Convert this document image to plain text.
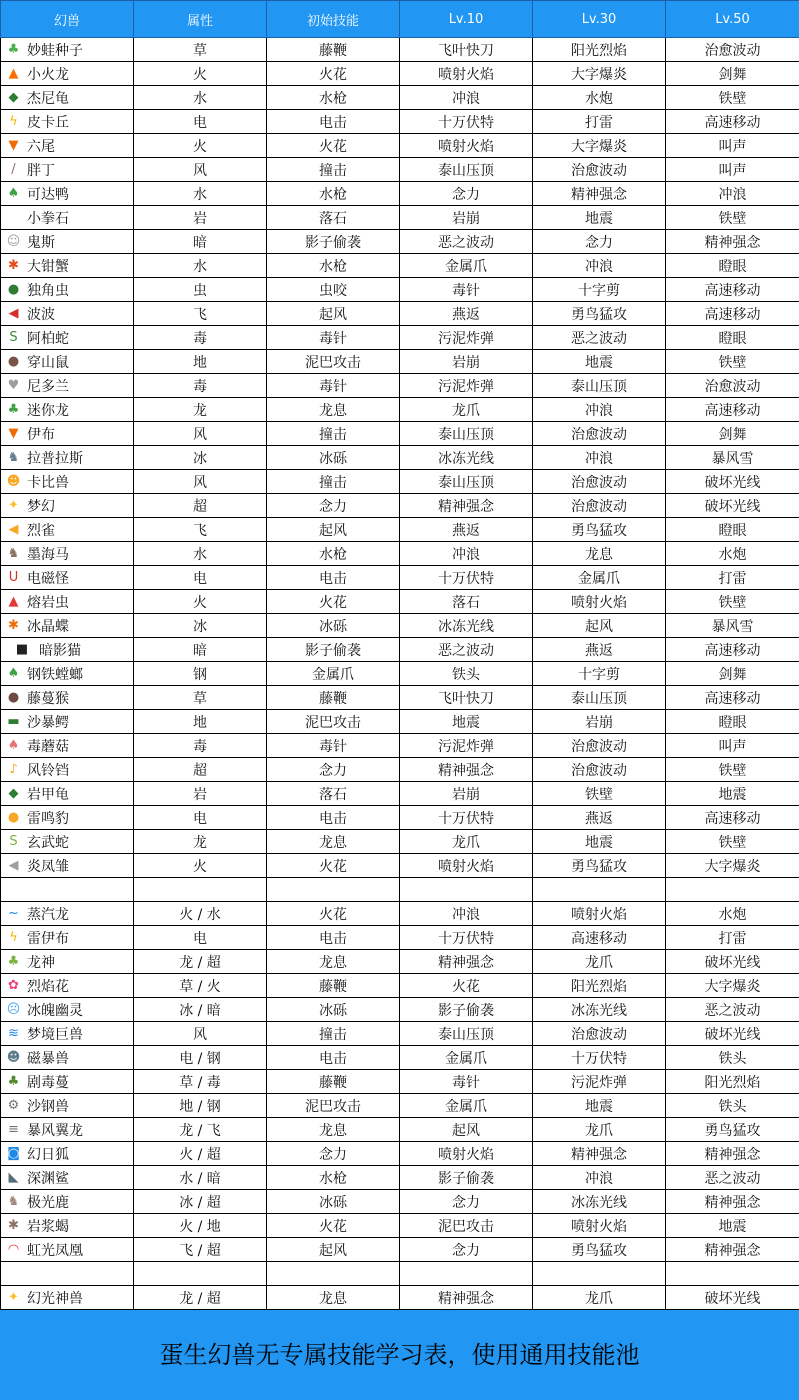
幻兽	属性	初始技能	Lv.10	Lv.30	Lv.50

♣ 妙蛙种子	草	藤鞭	飞叶快刀	阳光烈焰	治愈波动

▲ 小火龙	火	火花	喷射火焰	大字爆炎	剑舞

◆ 杰尼龟	水	水枪	冲浪	水炮	铁壁

ϟ 皮卡丘	电	电击	十万伏特	打雷	高速移动

▼ 六尾	火	火花	喷射火焰	大字爆炎	叫声

/ 胖丁	风	撞击	泰山压顶	治愈波动	叫声

♠ 可达鸭	水	水枪	念力	精神强念	冲浪
小拳石	岩	落石	岩崩	地震	铁壁

☺ 鬼斯	暗	影子偷袭	恶之波动	念力	精神强念

✱ 大钳蟹	水	水枪	金属爪	冲浪	瞪眼

● 独角虫	虫	虫咬	毒针	十字剪	高速移动

◀ 波波	飞	起风	燕返	勇鸟猛攻	高速移动

S 阿柏蛇	毒	毒针	污泥炸弹	恶之波动	瞪眼

● 穿山鼠	地	泥巴攻击	岩崩	地震	铁壁

♥ 尼多兰	毒	毒针	污泥炸弹	泰山压顶	治愈波动

♣ 迷你龙	龙	龙息	龙爪	冲浪	高速移动

▼ 伊布	风	撞击	泰山压顶	治愈波动	剑舞

♞ 拉普拉斯	冰	冰砾	冰冻光线	冲浪	暴风雪

☻ 卡比兽	风	撞击	泰山压顶	治愈波动	破坏光线

✦ 梦幻	超	念力	精神强念	治愈波动	破坏光线

◀ 烈雀	飞	起风	燕返	勇鸟猛攻	瞪眼

♞ 墨海马	水	水枪	冲浪	龙息	水炮

U 电磁怪	电	电击	十万伏特	金属爪	打雷

▲ 熔岩虫	火	火花	落石	喷射火焰	铁壁

✱ 冰晶蝶	冰	冰砾	冰冻光线	起风	暴风雪

■ 暗影猫	暗	影子偷袭	恶之波动	燕返	高速移动

♠ 钢铁螳螂	钢	金属爪	铁头	十字剪	剑舞

● 藤蔓猴	草	藤鞭	飞叶快刀	泰山压顶	高速移动

▬ 沙暴鳄	地	泥巴攻击	地震	岩崩	瞪眼

♠ 毒蘑菇	毒	毒针	污泥炸弹	治愈波动	叫声

♪ 风铃铛	超	念力	精神强念	治愈波动	铁壁

◆ 岩甲龟	岩	落石	岩崩	铁壁	地震

● 雷鸣豹	电	电击	十万伏特	燕返	高速移动

S 玄武蛇	龙	龙息	龙爪	地震	铁壁

◀ 炎凤雏	火	火花	喷射火焰	勇鸟猛攻	大字爆炎

~ 蒸汽龙	火 / 水	火花	冲浪	喷射火焰	水炮

ϟ 雷伊布	电	电击	十万伏特	高速移动	打雷

♣ 龙神	龙 / 超	龙息	精神强念	龙爪	破坏光线

✿ 烈焰花	草 / 火	藤鞭	火花	阳光烈焰	大字爆炎

☹ 冰魄幽灵	冰 / 暗	冰砾	影子偷袭	冰冻光线	恶之波动

≋ 梦境巨兽	风	撞击	泰山压顶	治愈波动	破坏光线

☻ 磁暴兽	电 / 钢	电击	金属爪	十万伏特	铁头

♣ 剧毒蔓	草 / 毒	藤鞭	毒针	污泥炸弹	阳光烈焰

⚙ 沙钢兽	地 / 钢	泥巴攻击	金属爪	地震	铁头

≡ 暴风翼龙	龙 / 飞	龙息	起风	龙爪	勇鸟猛攻

◙ 幻日狐	火 / 超	念力	喷射火焰	精神强念	精神强念

◣ 深渊鲨	水 / 暗	水枪	影子偷袭	冲浪	恶之波动

♞ 极光鹿	冰 / 超	冰砾	念力	冰冻光线	精神强念

✱ 岩浆蝎	火 / 地	火花	泥巴攻击	喷射火焰	地震

◠ 虹光凤凰	飞 / 超	起风	念力	勇鸟猛攻	精神强念

✦ 幻光神兽	龙 / 超	龙息	精神强念	龙爪	破坏光线
蛋生幻兽无专属技能学习表，使用通用技能池
